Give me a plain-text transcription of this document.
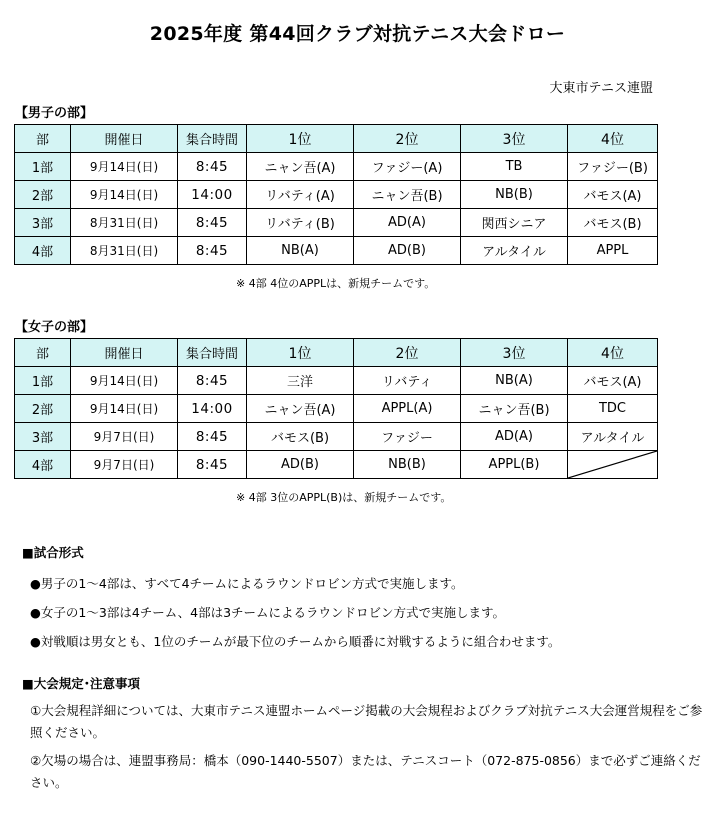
2025年度 第44回クラブ対抗テニス大会ドロー
大東市テニス連盟
【男子の部】
部	開催日	集合時間	1位	2位	3位	4位
1部	9月14日(日)	8:45	ニャン吾(A)	ファジー(A)	TB	ファジー(B)
2部	9月14日(日)	14:00	リバティ(A)	ニャン吾(B)	NB(B)	バモス(A)
3部	8月31日(日)	8:45	リバティ(B)	AD(A)	関西シニア	バモス(B)
4部	8月31日(日)	8:45	NB(A)	AD(B)	アルタイル	APPL
※ 4部 4位のAPPLは、新規チームです。
【女子の部】
部	開催日	集合時間	1位	2位	3位	4位
1部	9月14日(日)	8:45	三洋	リバティ	NB(A)	バモス(A)
2部	9月14日(日)	14:00	ニャン吾(A)	APPL(A)	ニャン吾(B)	TDC
3部	9月7日(日)	8:45	バモス(B)	ファジー	AD(A)	アルタイル
4部	9月7日(日)	8:45	AD(B)	NB(B)	APPL(B)	
※ 4部 3位のAPPL(B)は、新規チームです。
■試合形式
●男子の1～4部は、すべて4チームによるラウンドロビン方式で実施します。
●女子の1～3部は4チーム、4部は3チームによるラウンドロビン方式で実施します。
●対戦順は男女とも、1位のチームが最下位のチームから順番に対戦するように組合わせます。
■大会規定･注意事項
①大会規程詳細については、大東市テニス連盟ホームページ掲載の大会規程およびクラブ対抗テニス大会運営規程をご参照ください。
②欠場の場合は、連盟事務局：橋本（090-1440-5507）または、テニスコート（072-875-0856）まで必ずご連絡ください。
